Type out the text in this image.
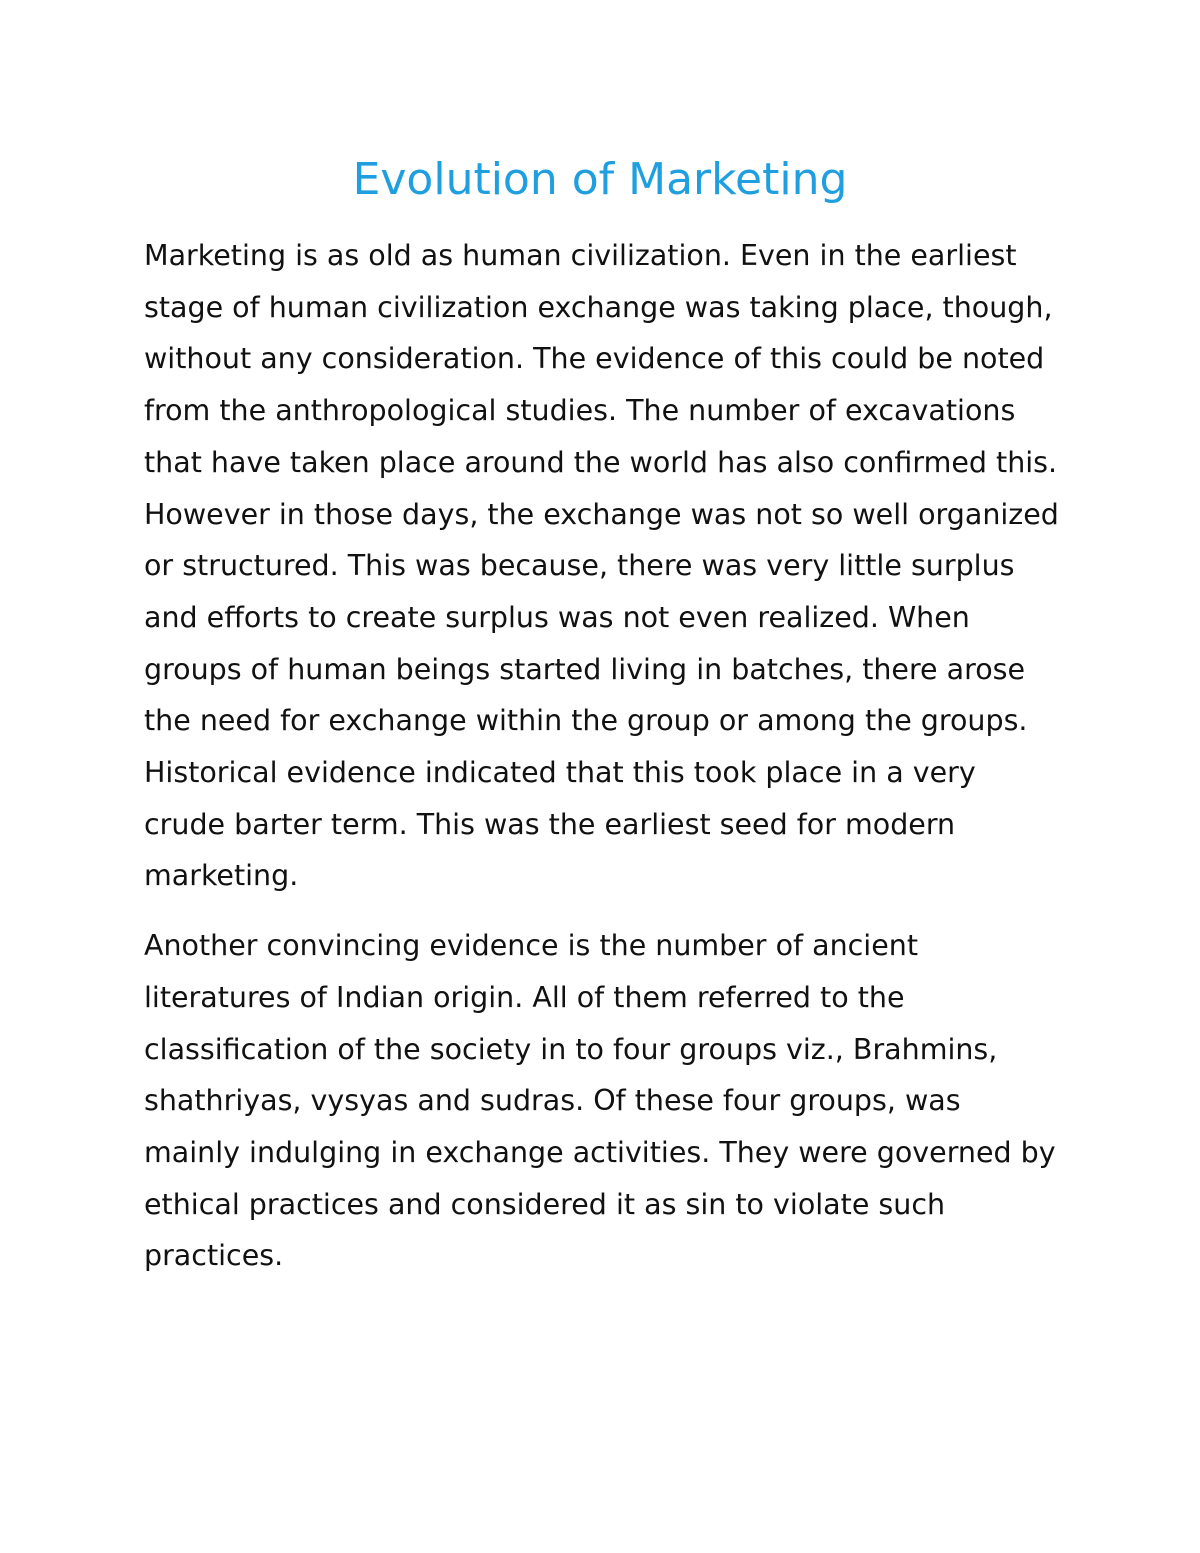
Evolution of Marketing

Marketing is as old as human civilization. Even in the earliest stage of human civilization exchange was taking place, though, without any consideration. The evidence of this could be noted from the anthropological studies. The number of excavations that have taken place around the world has also confirmed this. However in those days, the exchange was not so well organized or structured. This was because, there was very little surplus and efforts to create surplus was not even realized. When groups of human beings started living in batches, there arose the need for exchange within the group or among the groups. Historical evidence indicated that this took place in a very crude barter term. This was the earliest seed for modern marketing.

Another convincing evidence is the number of ancient literatures of Indian origin. All of them referred to the classification of the society in to four groups viz., Brahmins, shathriyas, vysyas and sudras. Of these four groups, was mainly indulging in exchange activities. They were governed by ethical practices and considered it as sin to violate such practices.
